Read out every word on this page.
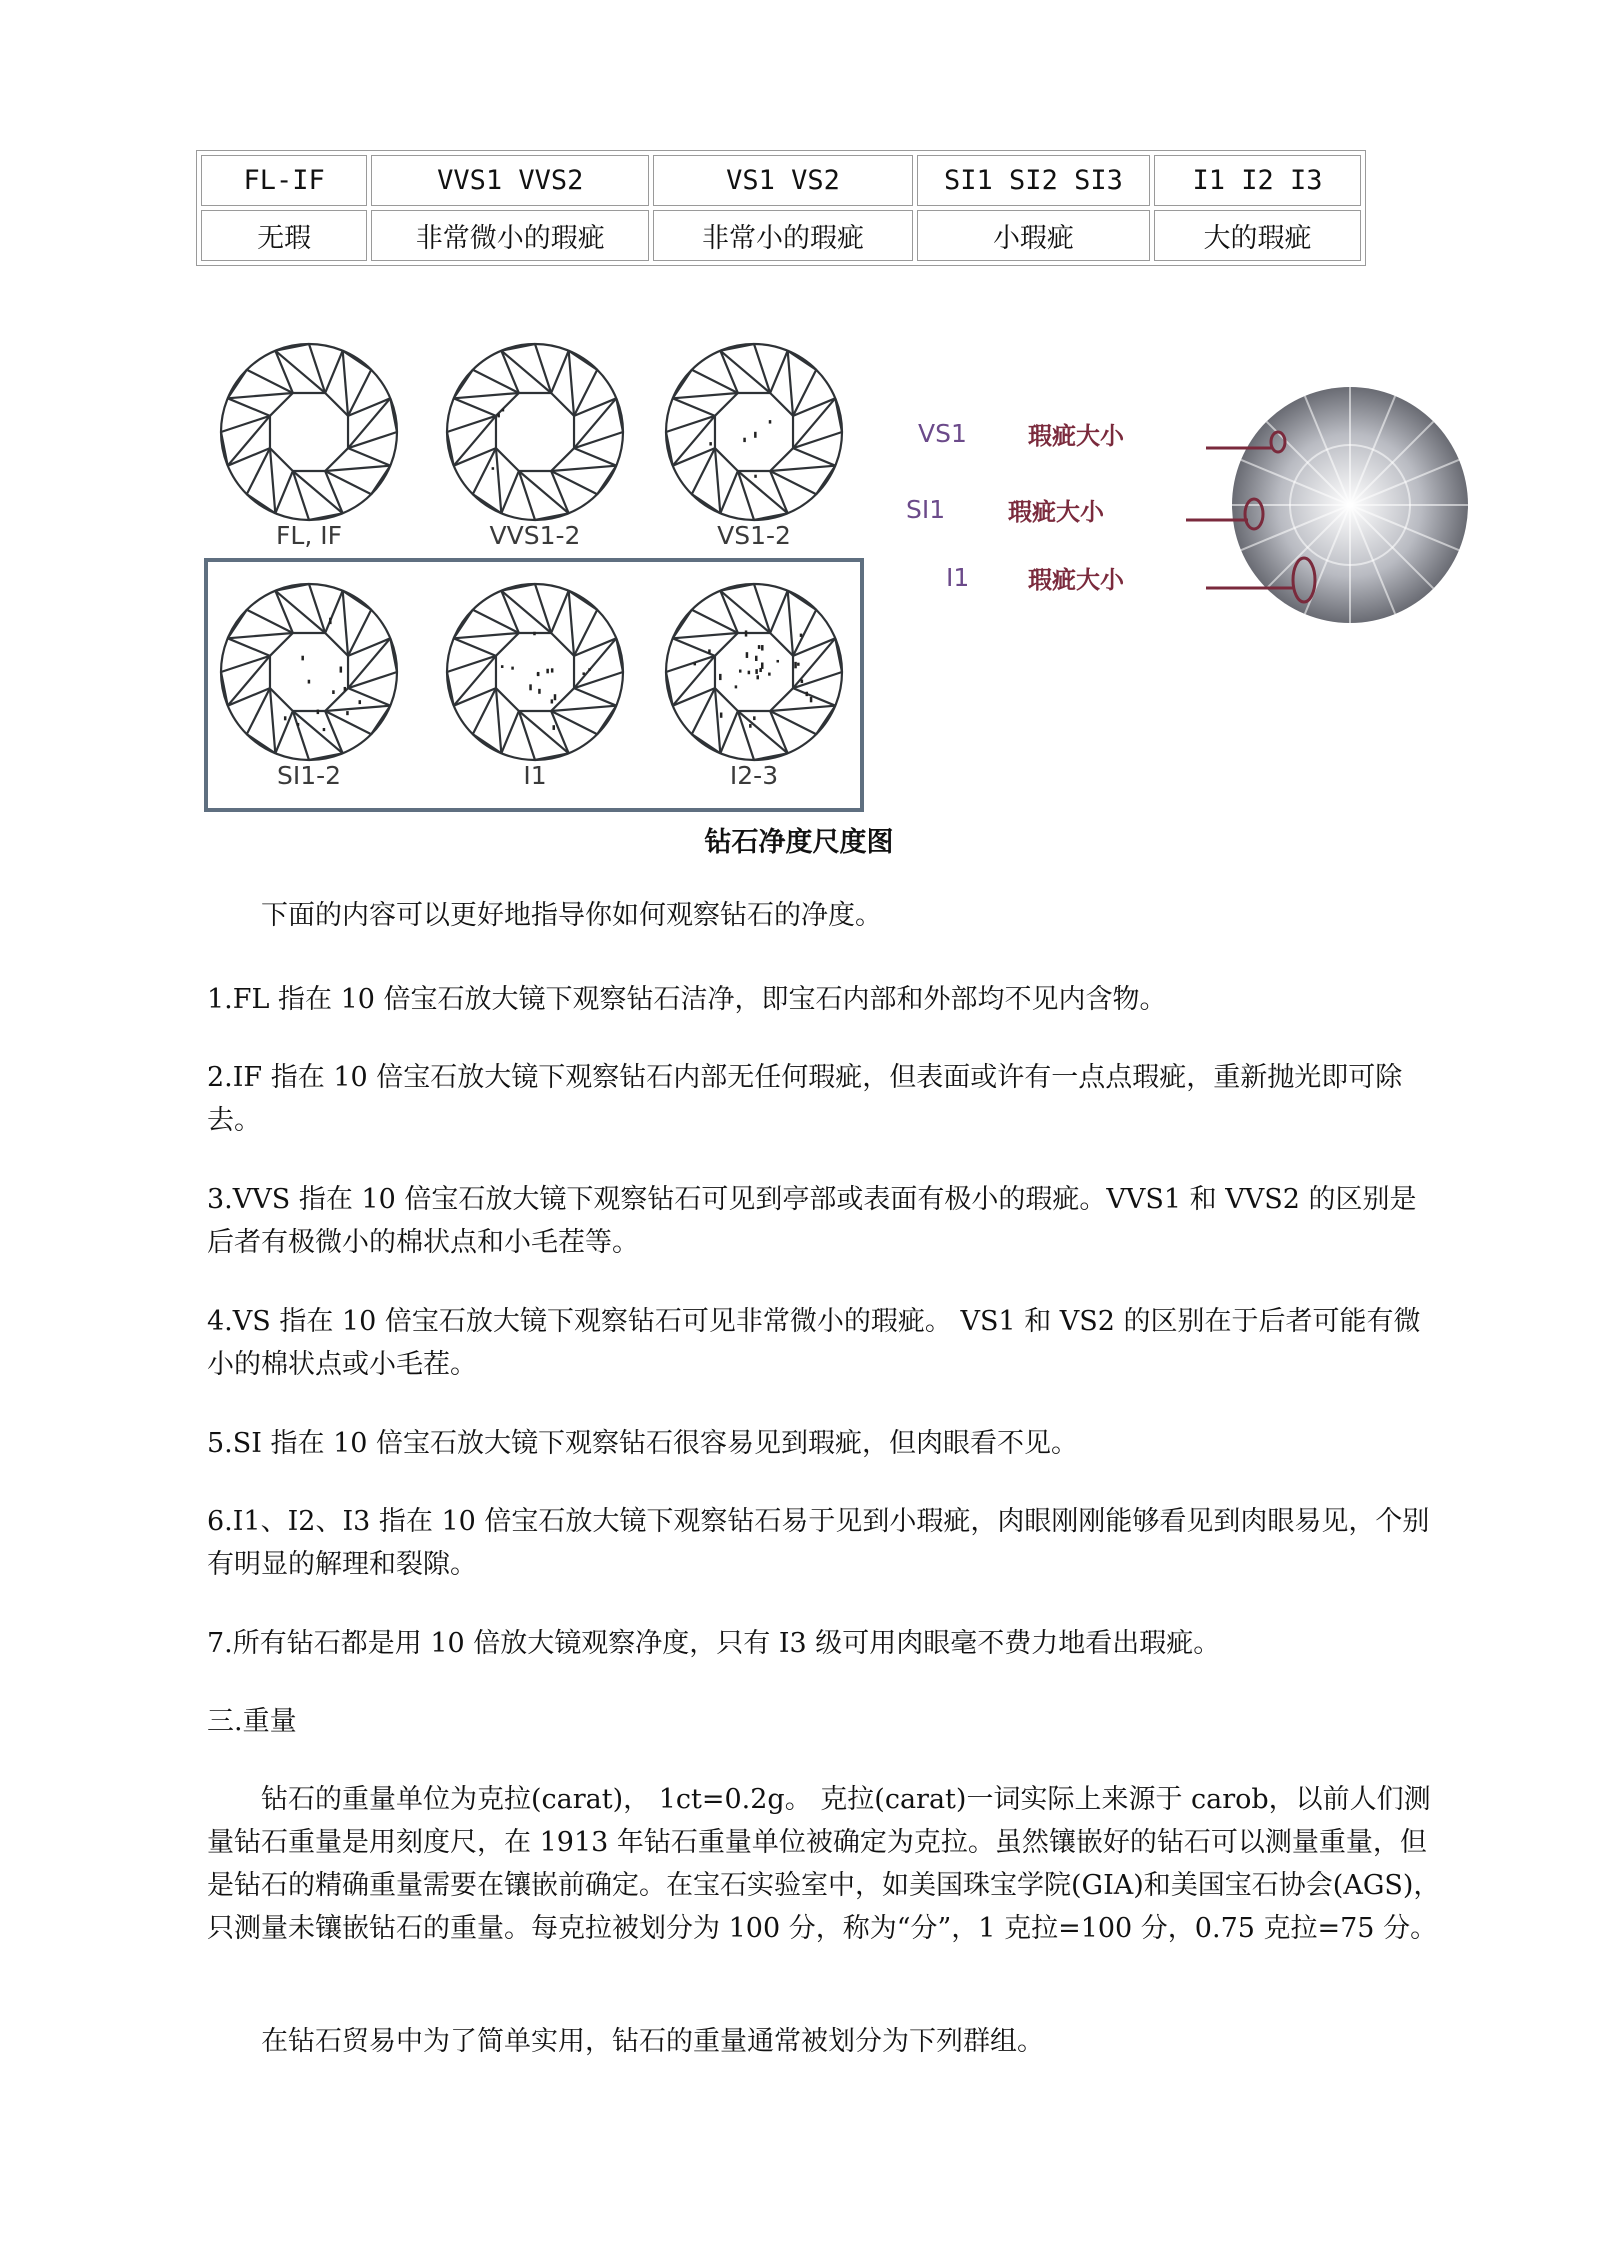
FL-IF	VVS1 VVS2	VS1 VS2	SI1 SI2 SI3	I1 I2 I3
无瑕	非常微小的瑕疵	非常小的瑕疵	小瑕疵	大的瑕疵
FL, IF	VVS1-2	VS1-2
SI1-2	I1	I2-3
VS1
SI1
I1
瑕疵大小
瑕疵大小
瑕疵大小
钻石净度尺度图

下面的内容可以更好地指导你如何观察钻石的净度。

1.FL 指在 10 倍宝石放大镜下观察钻石洁净，即宝石内部和外部均不见内含物。

2.IF 指在 10 倍宝石放大镜下观察钻石内部无任何瑕疵，但表面或许有一点点瑕疵，重新抛光即可除去。

3.VVS 指在 10 倍宝石放大镜下观察钻石可见到亭部或表面有极小的瑕疵。VVS1 和 VVS2 的区别是后者有极微小的棉状点和小毛茬等。

4.VS 指在 10 倍宝石放大镜下观察钻石可见非常微小的瑕疵。 VS1 和 VS2 的区别在于后者可能有微小的棉状点或小毛茬。

5.SI 指在 10 倍宝石放大镜下观察钻石很容易见到瑕疵，但肉眼看不见。

6.I1、I2、I3 指在 10 倍宝石放大镜下观察钻石易于见到小瑕疵，肉眼刚刚能够看见到肉眼易见，个别有明显的解理和裂隙。

7.所有钻石都是用 10 倍放大镜观察净度，只有 I3 级可用肉眼毫不费力地看出瑕疵。

三.重量

钻石的重量单位为克拉(carat)， 1ct=0.2g。 克拉(carat)一词实际上来源于 carob，以前人们测量钻石重量是用刻度尺，在 1913 年钻石重量单位被确定为克拉。虽然镶嵌好的钻石可以测量重量，但是钻石的精确重量需要在镶嵌前确定。在宝石实验室中，如美国珠宝学院(GIA)和美国宝石协会(AGS)，只测量未镶嵌钻石的重量。每克拉被划分为 100 分，称为“分”，1 克拉=100 分，0.75 克拉=75 分。

在钻石贸易中为了简单实用，钻石的重量通常被划分为下列群组。
